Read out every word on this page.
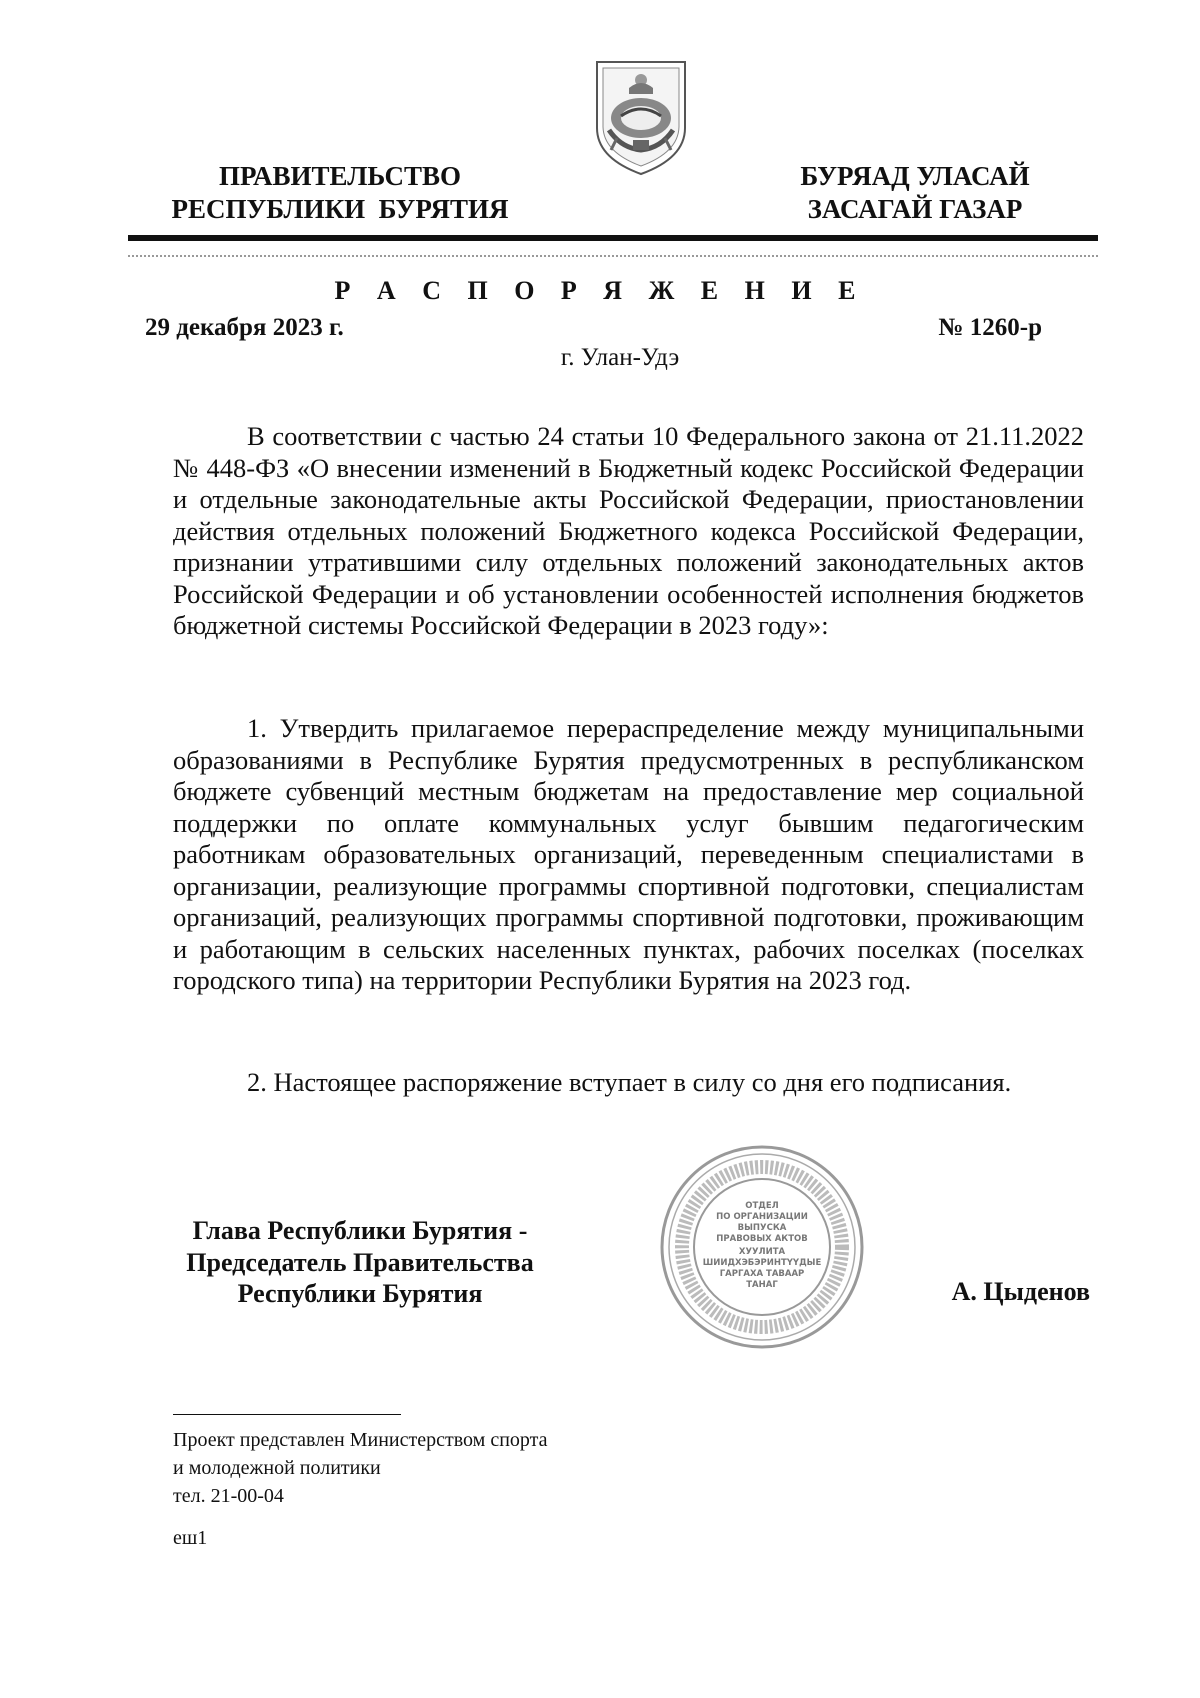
ПРАВИТЕЛЬСТВО
РЕСПУБЛИКИ  БУРЯТИЯ
БУРЯАД УЛАСАЙ
ЗАСАГАЙ ГАЗАР
Р А С П О Р Я Ж Е Н И Е
29 декабря 2023 г.	№ 1260-р
г. Улан-Удэ

В соответствии с частью 24 статьи 10 Федерального закона от 21.11.2022 № 448-ФЗ «О внесении изменений в Бюджетный кодекс Российской Федерации и отдельные законодательные акты Российской Федерации, приостановлении действия отдельных положений Бюджетного кодекса Российской Федерации, признании утратившими силу отдельных положений законодательных актов Российской Федерации и об установлении особенностей исполнения бюджетов бюджетной системы Российской Федерации в 2023 году»:

1. Утвердить прилагаемое перераспределение между муниципальными образованиями в Республике Бурятия предусмотренных в республиканском бюджете субвенций местным бюджетам на предоставление мер социальной поддержки по оплате коммунальных услуг бывшим педагогическим работникам образовательных организаций, переведенным специалистами в организации, реализующие программы спортивной подготовки, специалистам организаций, реализующих программы спортивной подготовки, проживающим и работающим в сельских населенных пунктах, рабочих поселках (поселках городского типа) на территории Республики Бурятия на 2023 год.

2. Настоящее распоряжение вступает в силу со дня его подписания.

Глава Республики Бурятия -
Председатель Правительства
Республики Бурятия
ОТДЕЛ
ПО ОРГАНИЗАЦИИ
ВЫПУСКА
ПРАВОВЫХ АКТОВ
ХУУЛИТА
ШИИДХЭБЭРИНТҮҮДЫЕ
ГАРГАХА ТАВААР
ТАНАГ	А. Цыденов
Проект представлен Министерством спорта
и молодежной политики
тел. 21-00-04
еш1
